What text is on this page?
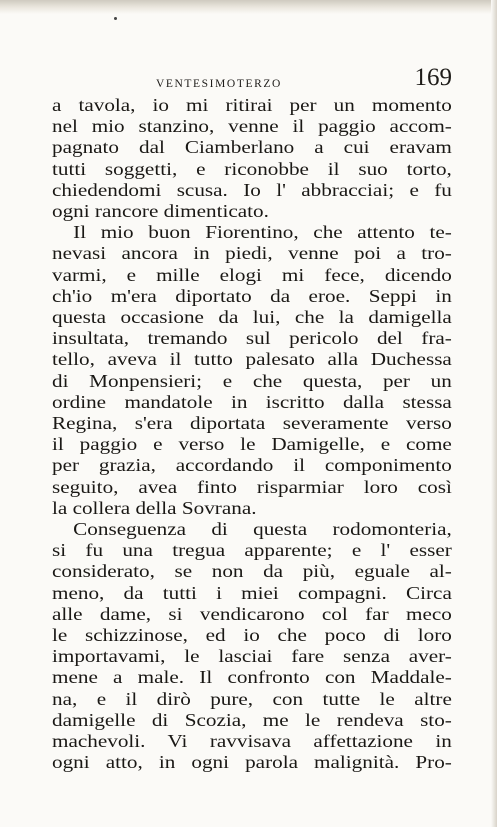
VENTESIMOTERZO	169
a tavola, io mi ritirai per un momento
nel mio stanzino, venne il paggio accom-
pagnato dal Ciamberlano a cui eravam
tutti soggetti, e riconobbe il suo torto,
chiedendomi scusa. Io l' abbracciai; e fu
ogni rancore dimenticato.
Il mio buon Fiorentino, che attento te-
nevasi ancora in piedi, venne poi a tro-
varmi, e mille elogi mi fece, dicendo
ch'io m'era diportato da eroe. Seppi in
questa occasione da lui, che la damigella
insultata, tremando sul pericolo del fra-
tello, aveva il tutto palesato alla Duchessa
di Monpensieri; e che questa, per un
ordine mandatole in iscritto dalla stessa
Regina, s'era diportata severamente verso
il paggio e verso le Damigelle, e come
per grazia, accordando il componimento
seguito, avea finto risparmiar loro così
la collera della Sovrana.
Conseguenza di questa rodomonteria,
si fu una tregua apparente; e l' esser
considerato, se non da più, eguale al-
meno, da tutti i miei compagni. Circa
alle dame, si vendicarono col far meco
le schizzinose, ed io che poco di loro
importavami, le lasciai fare senza aver-
mene a male. Il confronto con Maddale-
na, e il dirò pure, con tutte le altre
damigelle di Scozia, me le rendeva sto-
machevoli. Vi ravvisava affettazione in
ogni atto, in ogni parola malignità. Pro-
